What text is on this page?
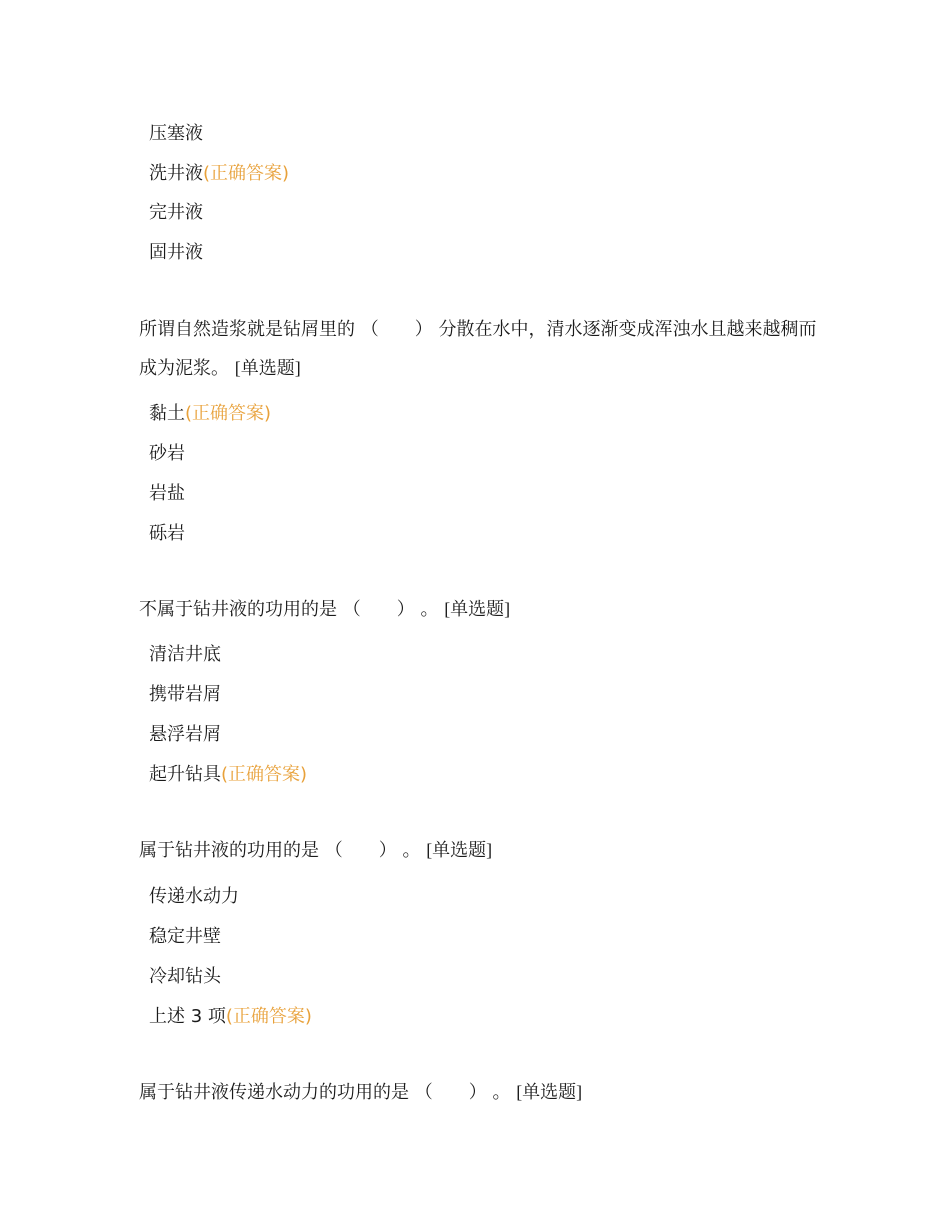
压塞液
洗井液(正确答案)
完井液
固井液
所谓自然造浆就是钻屑里的 （　　） 分散在水中，清水逐渐变成浑浊水且越来越稠而成为泥浆。 [单选题]
黏土(正确答案)
砂岩
岩盐
砾岩
不属于钻井液的功用的是 （　　） 。 [单选题]
清洁井底
携带岩屑
悬浮岩屑
起升钻具(正确答案)
属于钻井液的功用的是 （　　） 。 [单选题]
传递水动力
稳定井壁
冷却钻头
上述 3 项(正确答案)
属于钻井液传递水动力的功用的是 （　　） 。 [单选题]
